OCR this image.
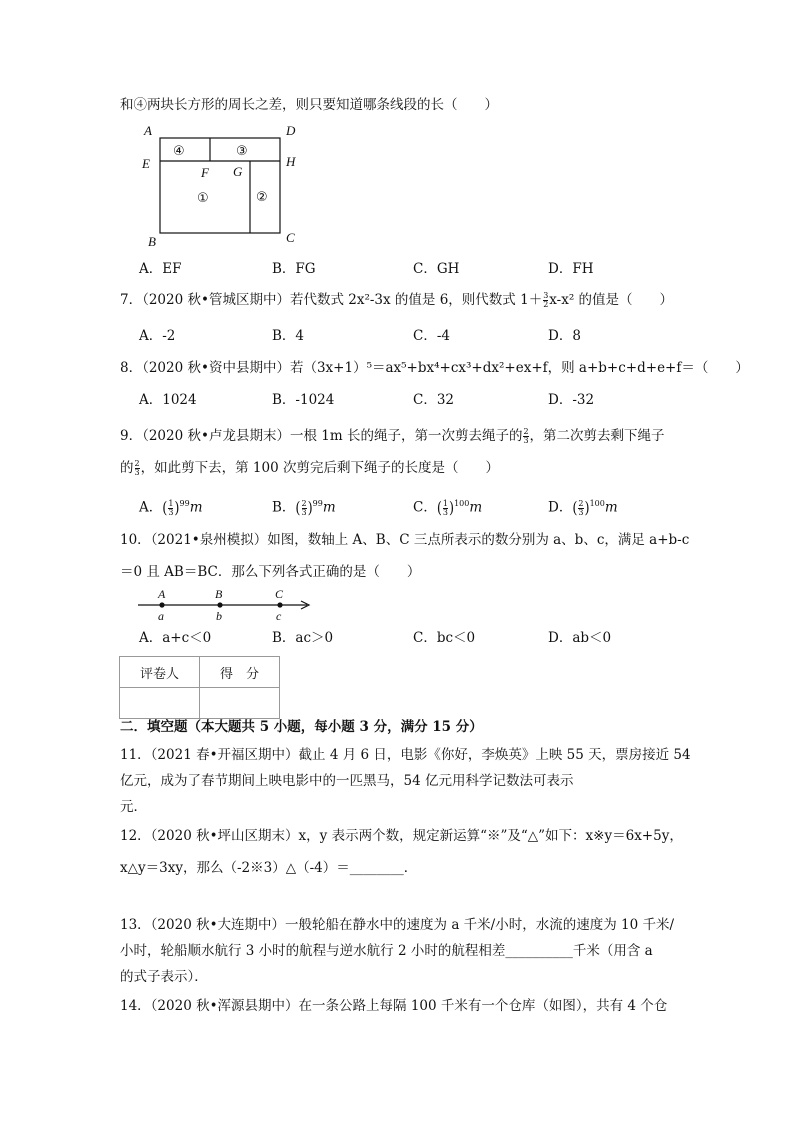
和④两块长方形的周长之差，则只要知道哪条线段的长（　　）
A	D
E	H
F G
B	C
④	③
①	②
A．EF	B．FG	C．GH	D．FH
7．（2020 秋•管城区期中）若代数式 2x²-3x 的值是 6，则代数式 $1+ \frac{3}{2} x-x^2$ 的值是（　　）
A．-2	B．4	C．-4	D．8
8．（2020 秋•资中县期中）若（3x+1）⁵＝ax⁵+bx⁴+cx³+dx²+ex+f，则 a+b+c+d+e+f＝（　　）
A．1024	B．-1024	C．32	D．-32
9．（2020 秋•卢龙县期末）一根 1m 长的绳子，第一次剪去绳子的 $\frac{2}{3}$ ，第二次剪去剩下绳子
的 $\frac{2}{3}$ ，如此剪下去，第 100 次剪完后剩下绳子的长度是（　　）
A．( $\frac{1}{3} )^{99}m$	B．( $\frac{2}{3} )^{99}m$	C．( $\frac{1}{3} )^{100}m$	D．( $\frac{2}{3} )^{100}m$
10．（2021•泉州模拟）如图，数轴上 A、B、C 三点所表示的数分别为 a、b、c，满足 a+b-c
＝0 且 AB＝BC．那么下列各式正确的是（　　）
A
a
B
b
C
c
A．a+c＜0	B．ac＞0	C．bc＜0	D．ab＜0
评卷人	得　分

二．填空题（本大题共 5 小题，每小题 3 分，满分 15 分）
11．（2021 春•开福区期中）截止 4 月 6 日，电影《你好，李焕英》上映 55 天，票房接近 54
亿元，成为了春节期间上映电影中的一匹黑马，54 亿元用科学记数法可表示
元．
12．（2020 秋•坪山区期末）x，y 表示两个数，规定新运算“※”及“△”如下：x※y＝6x+5y，
x△y＝3xy，那么（-2※3）△（-4）＝________．
13．（2020 秋•大连期中）一般轮船在静水中的速度为 a 千米/小时，水流的速度为 10 千米/
小时，轮船顺水航行 3 小时的航程与逆水航行 2 小时的航程相差__________千米（用含 a
的式子表示）．
14．（2020 秋•浑源县期中）在一条公路上每隔 100 千米有一个仓库（如图），共有 4 个仓
